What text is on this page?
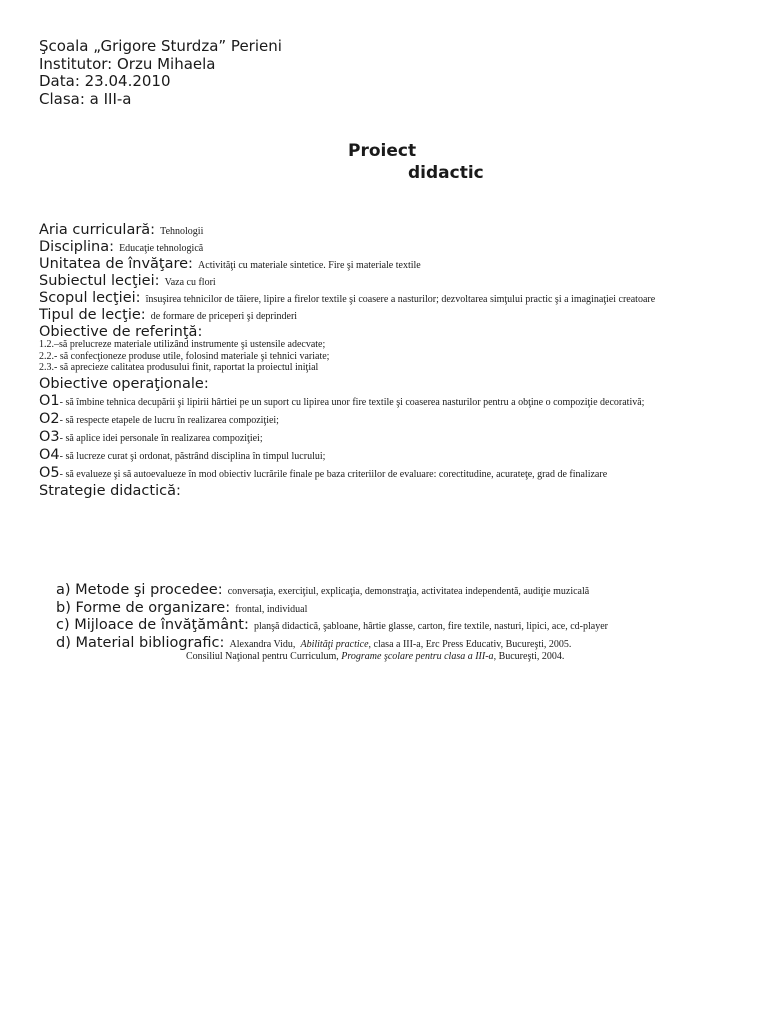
Şcoala „Grigore Sturdza” Perieni
Institutor: Orzu Mihaela
Data: 23.04.2010
Clasa: a III-a
Proiect
didactic
Aria curriculară: Tehnologii
Disciplina: Educaţie tehnologică
Unitatea de învăţare: Activităţi cu materiale sintetice. Fire şi materiale textile
Subiectul lecţiei: Vaza cu flori
Scopul lecţiei: însuşirea tehnicilor de tăiere, lipire a firelor textile şi coasere a nasturilor; dezvoltarea simţului practic şi a imaginaţiei creatoare
Tipul de lecţie: de formare de priceperi şi deprinderi
Obiective de referinţă:
1.2.–să prelucreze materiale utilizând instrumente şi ustensile adecvate;
2.2.- să confecţioneze produse utile, folosind materiale şi tehnici variate;
2.3.- să aprecieze calitatea produsului finit, raportat la proiectul iniţial
Obiective operaţionale:
O1- să îmbine tehnica decupării şi lipirii hârtiei pe un suport cu lipirea unor fire textile şi coaserea nasturilor pentru a obţine o compoziţie decorativă;
O2- să respecte etapele de lucru în realizarea compoziţiei;
O3- să aplice idei personale în realizarea compoziţiei;
O4- să lucreze curat şi ordonat, păstrând disciplina în timpul lucrului;
O5- să evalueze şi să autoevalueze în mod obiectiv lucrările finale pe baza criteriilor de evaluare: corectitudine, acurateţe, grad de finalizare
Strategie didactică:
a) Metode şi procedee: conversaţia, exerciţiul, explicaţia, demonstraţia, activitatea independentă, audiţie muzicală
b) Forme de organizare: frontal, individual
c) Mijloace de învăţământ: planşă didactică, şabloane, hârtie glasse, carton, fire textile, nasturi, lipici, ace, cd-player
d) Material bibliografic: Alexandra Vidu, Abilităţi practice, clasa a III-a, Erc Press Educativ, Bucureşti, 2005.
Consiliul Naţional pentru Curriculum, Programe şcolare pentru clasa a III-a, Bucureşti, 2004.
